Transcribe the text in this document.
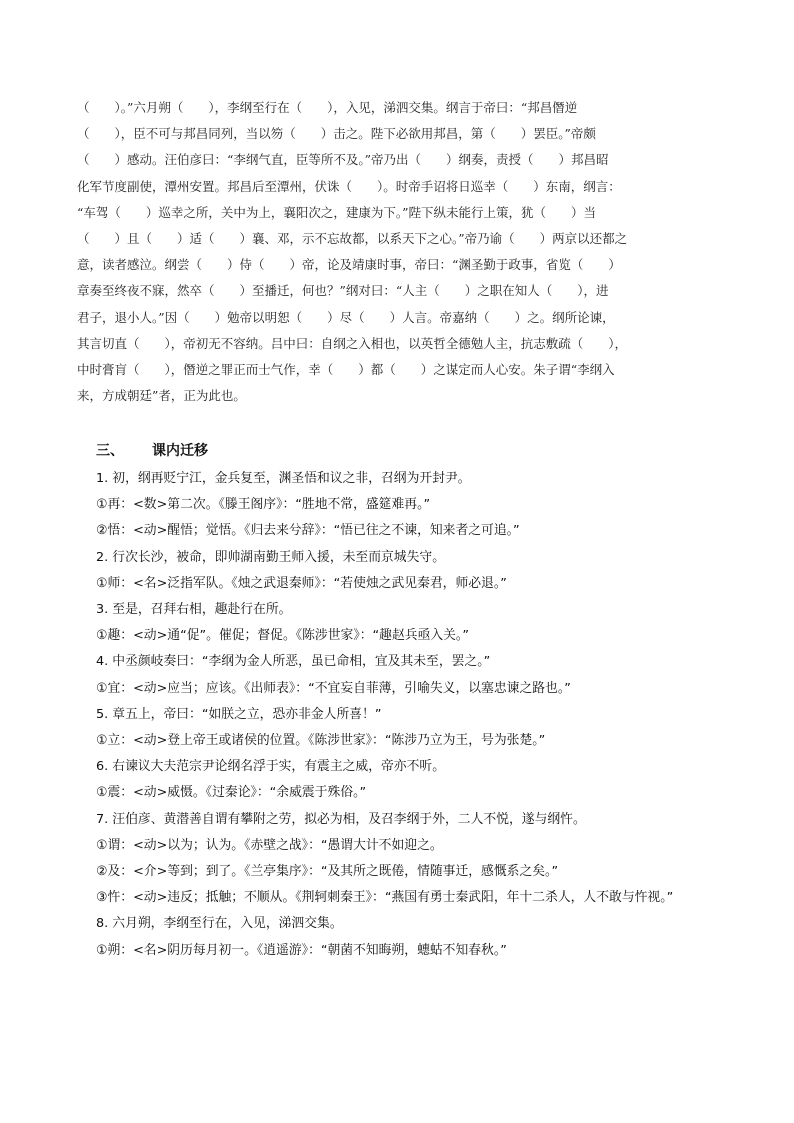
（　　）。”六月朔（　　），李纲至行在（　　），入见，涕泗交集。纲言于帝曰：“邦昌僭逆

（　　），臣不可与邦昌同列，当以笏（　　）击之。陛下必欲用邦昌，第（　　）罢臣。”帝颇

（　　）感动。汪伯彦曰：“李纲气直，臣等所不及。”帝乃出（　　）纲奏，责授（　　）邦昌昭

化军节度副使，潭州安置。邦昌后至潭州，伏诛（　　）。时帝手诏将日巡幸（　　）东南，纲言：

“车驾（　　）巡幸之所，关中为上，襄阳次之，建康为下。”陛下纵未能行上策，犹（　　）当

（　　）且（　　）适（　　）襄、邓，示不忘故都，以系天下之心。”帝乃谕（　　）两京以还都之

意，读者感泣。纲尝（　　）侍（　　）帝，论及靖康时事，帝曰：“渊圣勤于政事，省览（　　）

章奏至终夜不寐，然卒（　　）至播迁，何也？”纲对曰：“人主（　　）之职在知人（　　），进

君子，退小人。”因（　　）勉帝以明恕（　　）尽（　　）人言。帝嘉纳（　　）之。纲所论谏，

其言切直（　　），帝初无不容纳。吕中曰：自纲之入相也，以英哲全德勉人主，抗志敷疏（　　），

中时膏肓（　　），僭逆之罪正而士气作，幸（　　）都（　　）之谋定而人心安。朱子谓“李纲入

来，方成朝廷”者，正为此也。

三、 课内迁移

1. 初，纲再贬宁江，金兵复至，渊圣悟和议之非，召纲为开封尹。

①再：<数>第二次。《滕王阁序》：“胜地不常，盛筵难再。”

②悟：<动>醒悟；觉悟。《归去来兮辞》：“悟已往之不谏，知来者之可追。”

2. 行次长沙，被命，即帅湖南勤王师入援，未至而京城失守。

①师：<名>泛指军队。《烛之武退秦师》：“若使烛之武见秦君，师必退。”

3. 至是，召拜右相，趣赴行在所。

①趣：<动>通“促”。催促；督促。《陈涉世家》：“趣赵兵亟入关。”

4. 中丞颜岐奏曰：“李纲为金人所恶，虽已命相，宜及其未至，罢之。”

①宜：<动>应当；应该。《出师表》：“不宜妄自菲薄，引喻失义，以塞忠谏之路也。”

5. 章五上，帝曰：“如朕之立，恐亦非金人所喜！”

①立：<动>登上帝王或诸侯的位置。《陈涉世家》：“陈涉乃立为王，号为张楚。”

6. 右谏议大夫范宗尹论纲名浮于实，有震主之威，帝亦不听。

①震：<动>威慑。《过秦论》：“余威震于殊俗。”

7. 汪伯彦、黄潜善自谓有攀附之劳，拟必为相，及召李纲于外，二人不悦，遂与纲忤。

①谓：<动>以为；认为。《赤壁之战》：“愚谓大计不如迎之。

②及：<介>等到；到了。《兰亭集序》：“及其所之既倦，情随事迁，感慨系之矣。”

③忤：<动>违反；抵触；不顺从。《荆轲刺秦王》：“燕国有勇士秦武阳，年十二杀人，人不敢与忤视。”

8. 六月朔，李纲至行在，入见，涕泗交集。

①朔：<名>阴历每月初一。《逍遥游》：“朝菌不知晦朔，蟪蛄不知春秋。”
